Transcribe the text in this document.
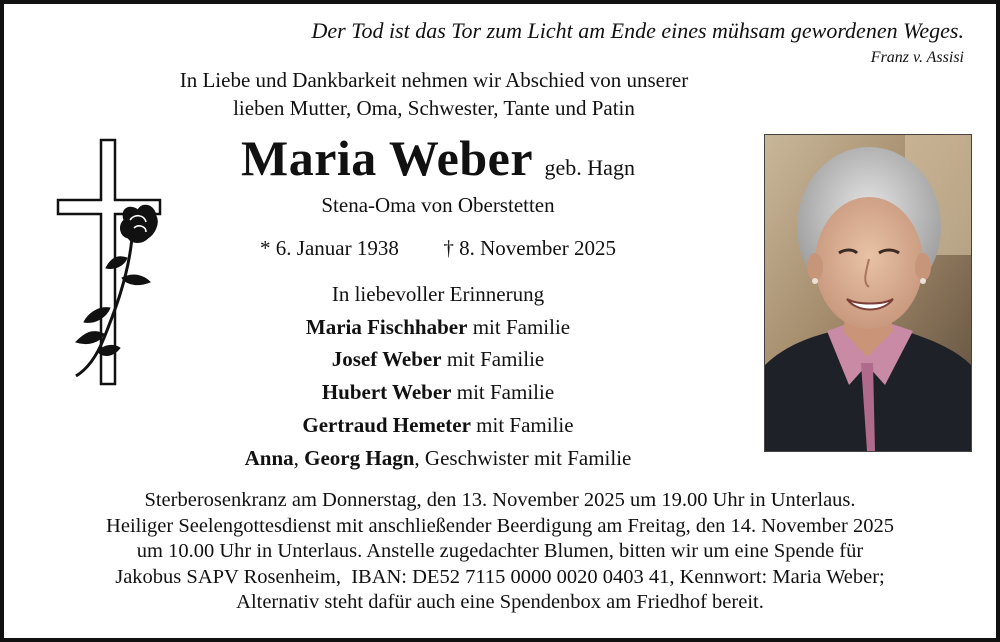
Der Tod ist das Tor zum Licht am Ende eines mühsam gewordenen Weges.
Franz v. Assisi
In Liebe und Dankbarkeit nehmen wir Abschied von unserer
lieben Mutter, Oma, Schwester, Tante und Patin
Maria Weber geb. Hagn
Stena-Oma von Oberstetten
* 6. Januar 1938 † 8. November 2025
In liebevoller Erinnerung
Maria Fischhaber mit Familie
Josef Weber mit Familie
Hubert Weber mit Familie
Gertraud Hemeter mit Familie
Anna, Georg Hagn, Geschwister mit Familie
Sterberosenkranz am Donnerstag, den 13. November 2025 um 19.00 Uhr in Unterlaus.
Heiliger Seelengottesdienst mit anschließender Beerdigung am Freitag, den 14. November 2025
um 10.00 Uhr in Unterlaus. Anstelle zugedachter Blumen, bitten wir um eine Spende für
Jakobus SAPV Rosenheim,  IBAN: DE52 7115 0000 0020 0403 41, Kennwort: Maria Weber;
Alternativ steht dafür auch eine Spendenbox am Friedhof bereit.
